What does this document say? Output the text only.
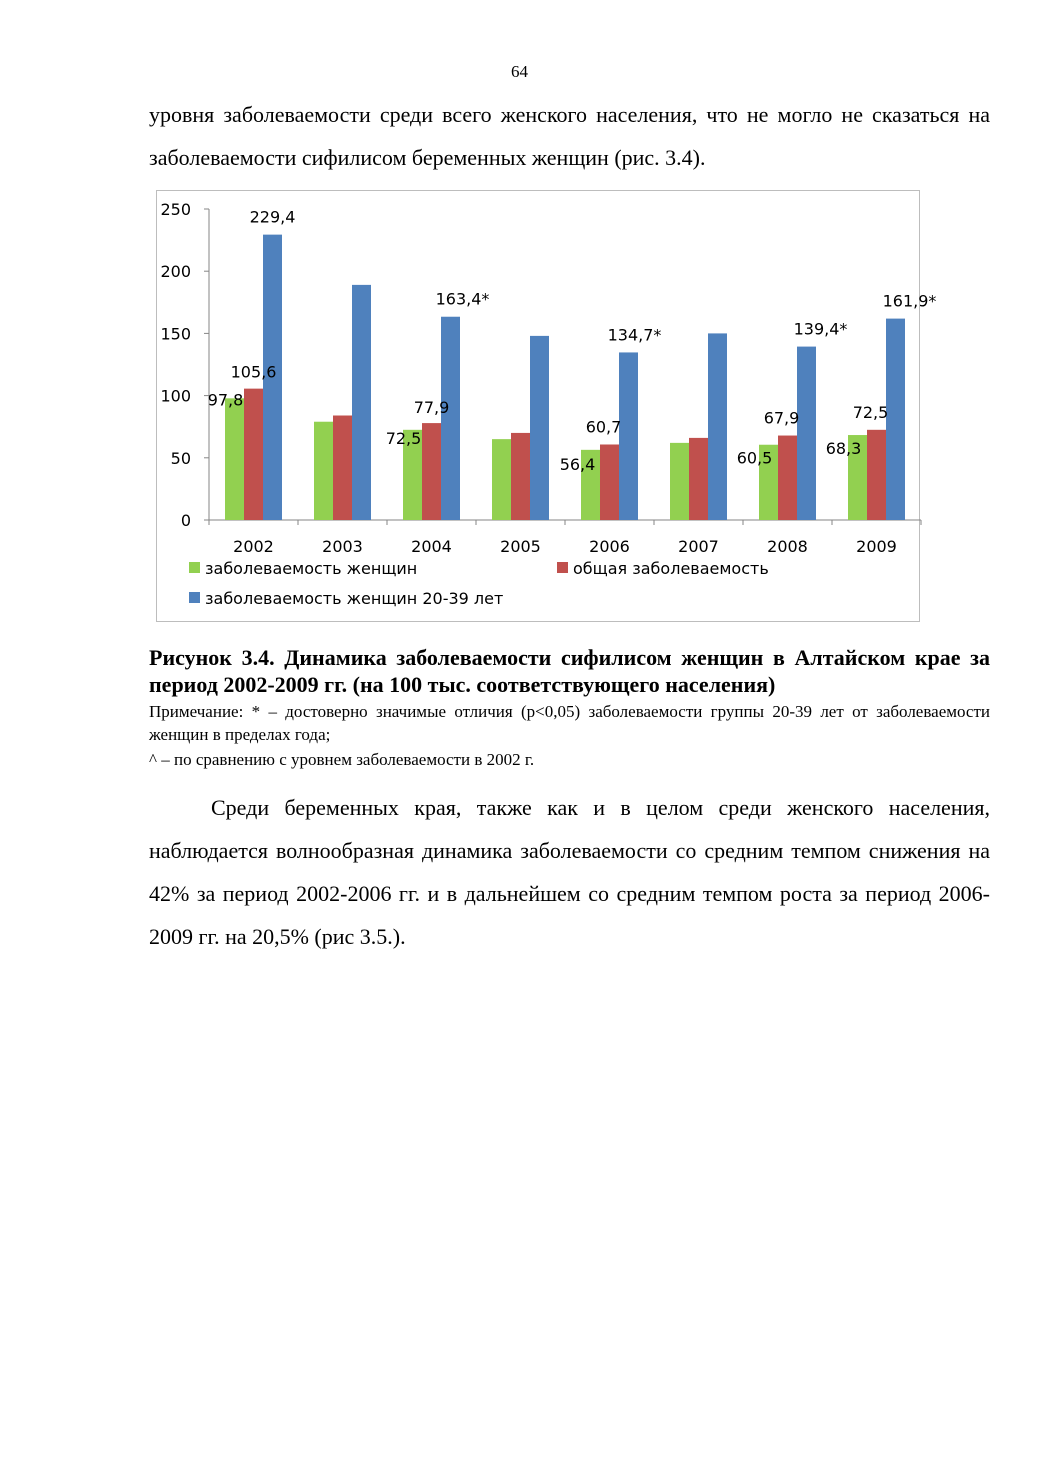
64

уровня заболеваемости среди всего женского населения, что не могло не сказаться на заболеваемости сифилисом беременных женщин (рис. 3.4).

0
50
100
150
200
250
97,8
105,6
229,4
72,5
77,9
163,4*
56,4
60,7
134,7*
60,5
67,9
139,4*
68,3
72,5
161,9*
2002	2003	2004	2005	2006	2007	2008	2009
заболеваемость женщин	общая заболеваемость
заболеваемость женщин 20-39 лет

Рисунок 3.4. Динамика заболеваемости сифилисом женщин в Алтайском крае за период 2002-2009 гг. (на 100 тыс. соответствующего населения)

Примечание: * – достоверно значимые отличия (p<0,05) заболеваемости группы 20-39 лет от заболеваемости женщин в пределах года;

^ – по сравнению с уровнем заболеваемости в 2002 г.

Среди беременных края, также как и в целом среди женского населения, наблюдается волнообразная динамика заболеваемости со средним темпом снижения на 42% за период 2002-2006 гг. и в дальнейшем со средним темпом роста за период 2006-2009 гг. на 20,5% (рис 3.5.).
